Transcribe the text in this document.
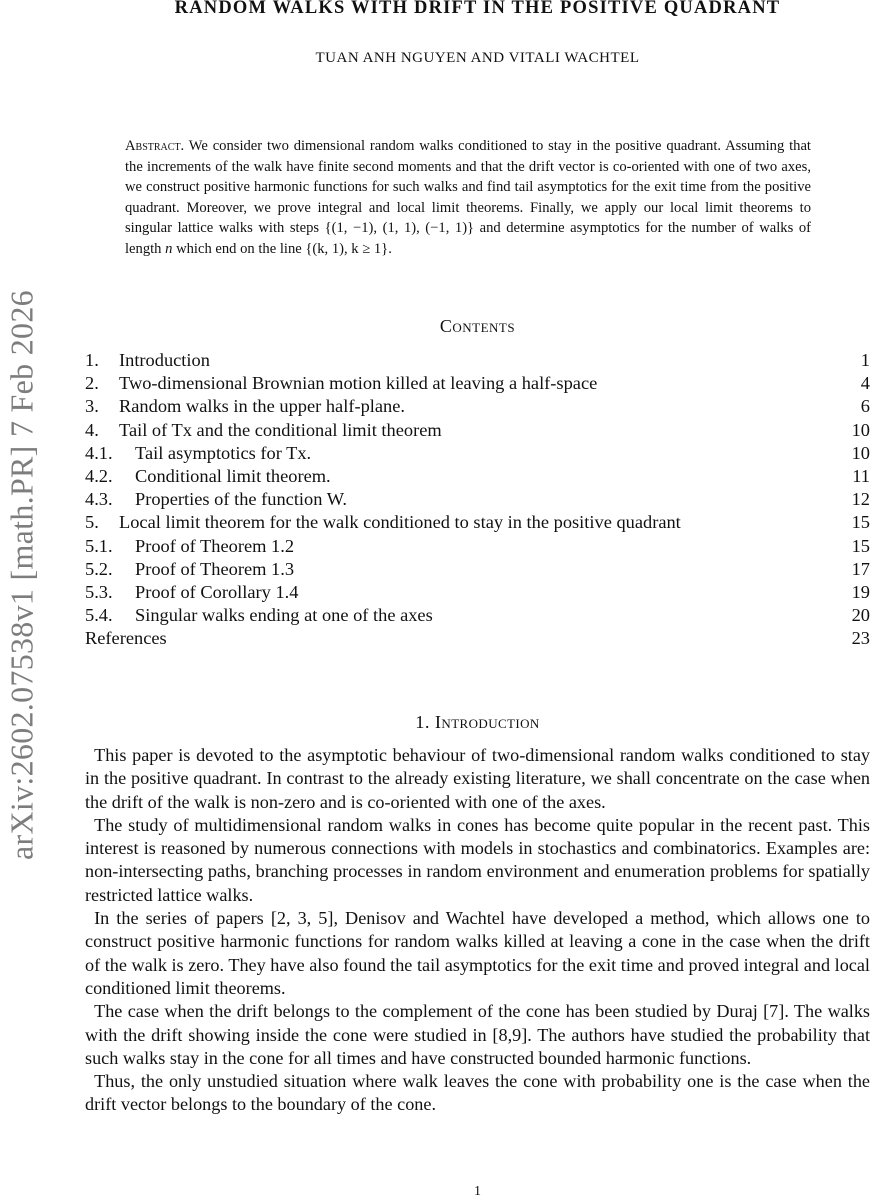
arXiv:2602.07538v1 [math.PR] 7 Feb 2026
RANDOM WALKS WITH DRIFT IN THE POSITIVE QUADRANT
TUAN ANH NGUYEN AND VITALI WACHTEL

Abstract. We consider two dimensional random walks conditioned to stay in the positive quadrant. Assuming that the increments of the walk have finite second moments and that the drift vector is co-oriented with one of two axes, we construct positive harmonic functions for such walks and find tail asymptotics for the exit time from the positive quadrant. Moreover, we prove integral and local limit theorems. Finally, we apply our local limit theorems to singular lattice walks with steps {(1, −1), (1, 1), (−1, 1)} and determine asymptotics for the number of walks of length n which end on the line {(k, 1), k ≥ 1}.

Contents
1. Introduction	1
2. Two-dimensional Brownian motion killed at leaving a half-space	4
3. Random walks in the upper half-plane.	6
4. Tail of Tx and the conditional limit theorem	10
4.1. Tail asymptotics for Tx.	10
4.2. Conditional limit theorem.	11
4.3. Properties of the function W.	12
5. Local limit theorem for the walk conditioned to stay in the positive quadrant	15
5.1. Proof of Theorem 1.2	15
5.2. Proof of Theorem 1.3	17
5.3. Proof of Corollary 1.4	19
5.4. Singular walks ending at one of the axes	20
References	23
1. Introduction

This paper is devoted to the asymptotic behaviour of two-dimensional random walks conditioned to stay in the positive quadrant. In contrast to the already existing literature, we shall concentrate on the case when the drift of the walk is non-zero and is co-oriented with one of the axes.

The study of multidimensional random walks in cones has become quite popular in the recent past. This interest is reasoned by numerous connections with models in stochastics and combinatorics. Examples are: non-intersecting paths, branching processes in random environment and enumeration problems for spatially restricted lattice walks.

In the series of papers [2, 3, 5], Denisov and Wachtel have developed a method, which allows one to construct positive harmonic functions for random walks killed at leaving a cone in the case when the drift of the walk is zero. They have also found the tail asymptotics for the exit time and proved integral and local conditioned limit theorems.

The case when the drift belongs to the complement of the cone has been studied by Duraj [7]. The walks with the drift showing inside the cone were studied in [8,9]. The authors have studied the probability that such walks stay in the cone for all times and have constructed bounded harmonic functions.

Thus, the only unstudied situation where walk leaves the cone with probability one is the case when the drift vector belongs to the boundary of the cone.

1
